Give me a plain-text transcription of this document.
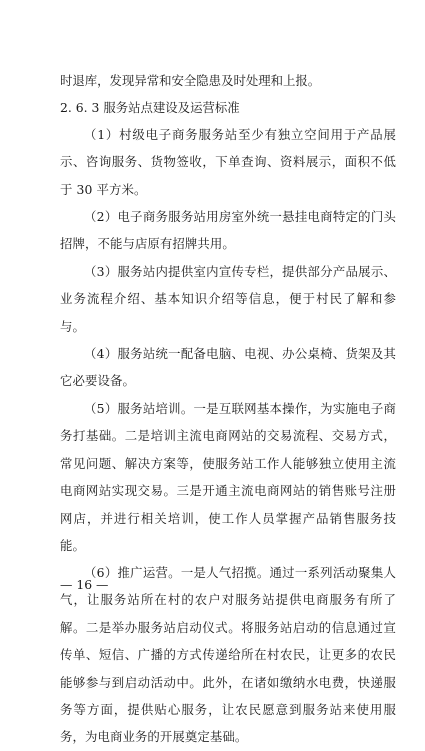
时退库，发现异常和安全隐患及时处理和上报。
2. 6. 3 服务站点建设及运营标准

（1）村级电子商务服务站至少有独立空间用于产品展示、咨询服务、货物签收，下单查询、资料展示，面积不低于 30 平方米。

（2）电子商务服务站用房室外统一悬挂电商特定的门头招牌，不能与店原有招牌共用。

（3）服务站内提供室内宣传专栏，提供部分产品展示、 业务流程介绍、基本知识介绍等信息，便于村民了解和参与。

（4）服务站统一配备电脑、电视、办公桌椅、货架及其 它必要设备。

（5）服务站培训。一是互联网基本操作，为实施电子商务打基础。二是培训主流电商网站的交易流程、交易方式，常见问题、解决方案等，使服务站工作人能够独立使用主流电商网站实现交易。三是开通主流电商网站的销售账号注册网店，并进行相关培训，使工作人员掌握产品销售服务技能。

（6）推广运营。一是人气招揽。通过一系列活动聚集人气，让服务站所在村的农户对服务站提供电商服务有所了解。二是举办服务站启动仪式。将服务站启动的信息通过宣传单、短信、广播的方式传递给所在村农民，让更多的农民能够参与到启动活动中。此外，在诸如缴纳水电费，快递服务等方面，提供贴心服务，让农民愿意到服务站来使用服务，为电商业务的开展奠定基础。

— 16 —
